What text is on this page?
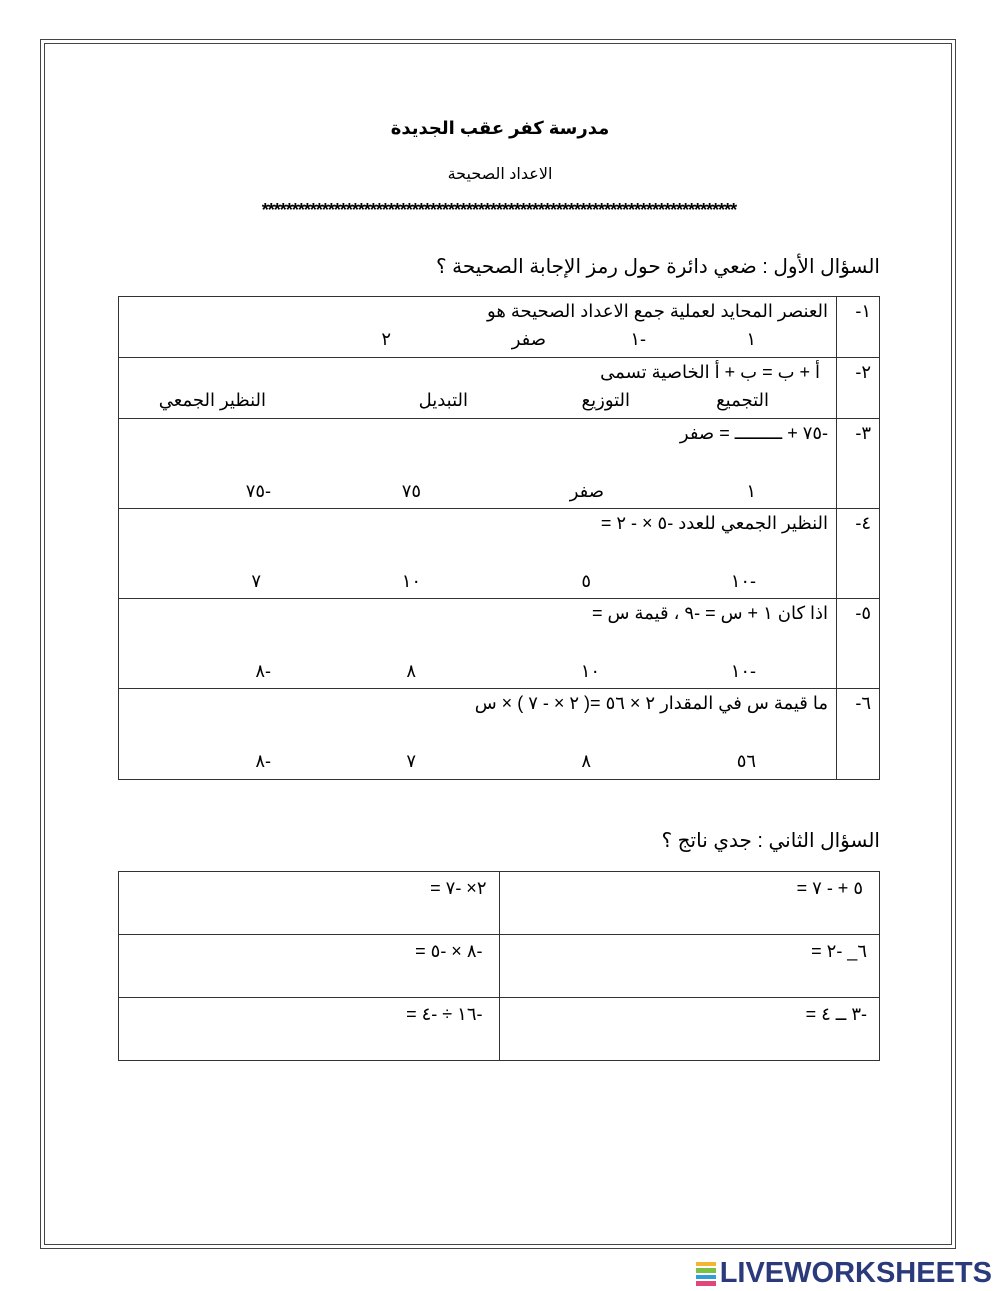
مدرسة كفر عقب الجديدة
الاعداد الصحيحة
*******************************************************************************
السؤال الأول : ضعي دائرة حول رمز الإجابة الصحيحة ؟
العنصر المحايد لعملية جمع الاعداد الصحيحة هو
١
-١
صفر
٢	١-

أ + ب = ب + أ الخاصية تسمى
التجميع
التوزيع
التبديل
النظير الجمعي	٢-

-٧٥ + ـــــــــ = صفر
١
صفر
٧٥
-٧٥	٣-

النظير الجمعي للعدد -٥ × - ٢ =
-١٠
٥
١٠
٧	٤-

اذا كان ١ + س = -٩ ، قيمة س =
-١٠
١٠
٨
-٨	٥-

ما قيمة س في المقدار ٢ × ٥٦ =( ٢ × - ٧ ) × س
٥٦
٨
٧
-٨	٦-
السؤال الثاني : جدي ناتج ؟
٢× -٧ =	٥ + - ٧ =

-٨ × -٥ =	٦_ -٢ =

-١٦ ÷ -٤ =	-٣ ــ ٤ =
LIVEWORKSHEETS
